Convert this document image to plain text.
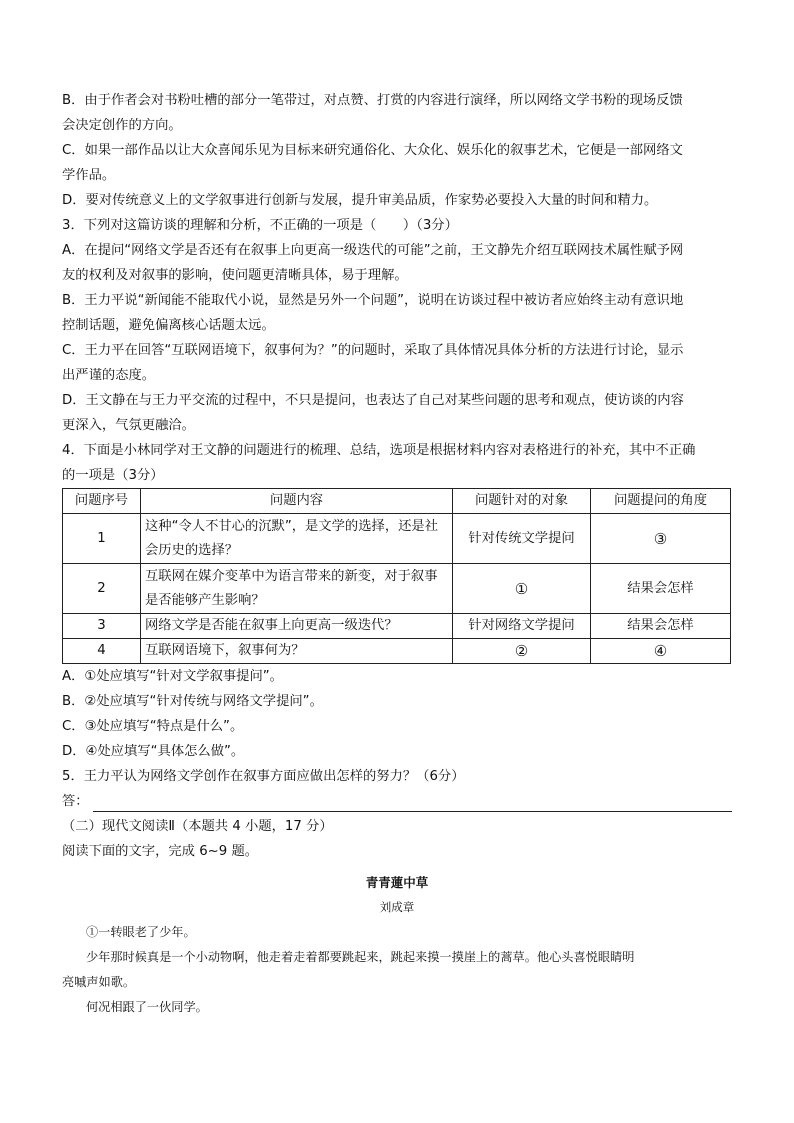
B．由于作者会对书粉吐槽的部分一笔带过，对点赞、打赏的内容进行演绎，所以网络文学书粉的现场反馈

会决定创作的方向。

C．如果一部作品以让大众喜闻乐见为目标来研究通俗化、大众化、娱乐化的叙事艺术，它便是一部网络文

学作品。

D．要对传统意义上的文学叙事进行创新与发展，提升审美品质，作家势必要投入大量的时间和精力。

3．下列对这篇访谈的理解和分析，不正确的一项是（　　）（3分）

A．在提问“网络文学是否还有在叙事上向更高一级迭代的可能”之前，王文静先介绍互联网技术属性赋予网

友的权利及对叙事的影响，使问题更清晰具体，易于理解。

B．王力平说“新闻能不能取代小说，显然是另外一个问题”，说明在访谈过程中被访者应始终主动有意识地

控制话题，避免偏离核心话题太远。

C．王力平在回答“互联网语境下，叙事何为？”的问题时，采取了具体情况具体分析的方法进行讨论，显示

出严谨的态度。

D．王文静在与王力平交流的过程中，不只是提问，也表达了自己对某些问题的思考和观点，使访谈的内容

更深入，气氛更融洽。

4．下面是小林同学对王文静的问题进行的梳理、总结，选项是根据材料内容对表格进行的补充，其中不正确

的一项是（3分）

问题序号	问题内容	问题针对的对象	问题提问的角度
1	这种“令人不甘心的沉默”，是文学的选择，还是社会历史的选择？	针对传统文学提问	③
2	互联网在媒介变革中为语言带来的新变，对于叙事是否能够产生影响？	①	结果会怎样
3	网络文学是否能在叙事上向更高一级迭代？	针对网络文学提问	结果会怎样
4	互联网语境下，叙事何为？	②	④

A．①处应填写“针对文学叙事提问”。

B．②处应填写“针对传统与网络文学提问”。

C．③处应填写“特点是什么”。

D．④处应填写“具体怎么做”。

5．王力平认为网络文学创作在叙事方面应做出怎样的努力？（6分）

答：

（二）现代文阅读Ⅱ（本题共 4 小题，17 分）

阅读下面的文字，完成 6~9 题。

青青蓮中草

刘成章

①一转眼老了少年。

少年那时候真是一个小动物啊，他走着走着都要跳起来，跳起来摸一摸崖上的蒿草。他心头喜悦眼睛明

亮嘁声如歌。

何况相跟了一伙同学。
